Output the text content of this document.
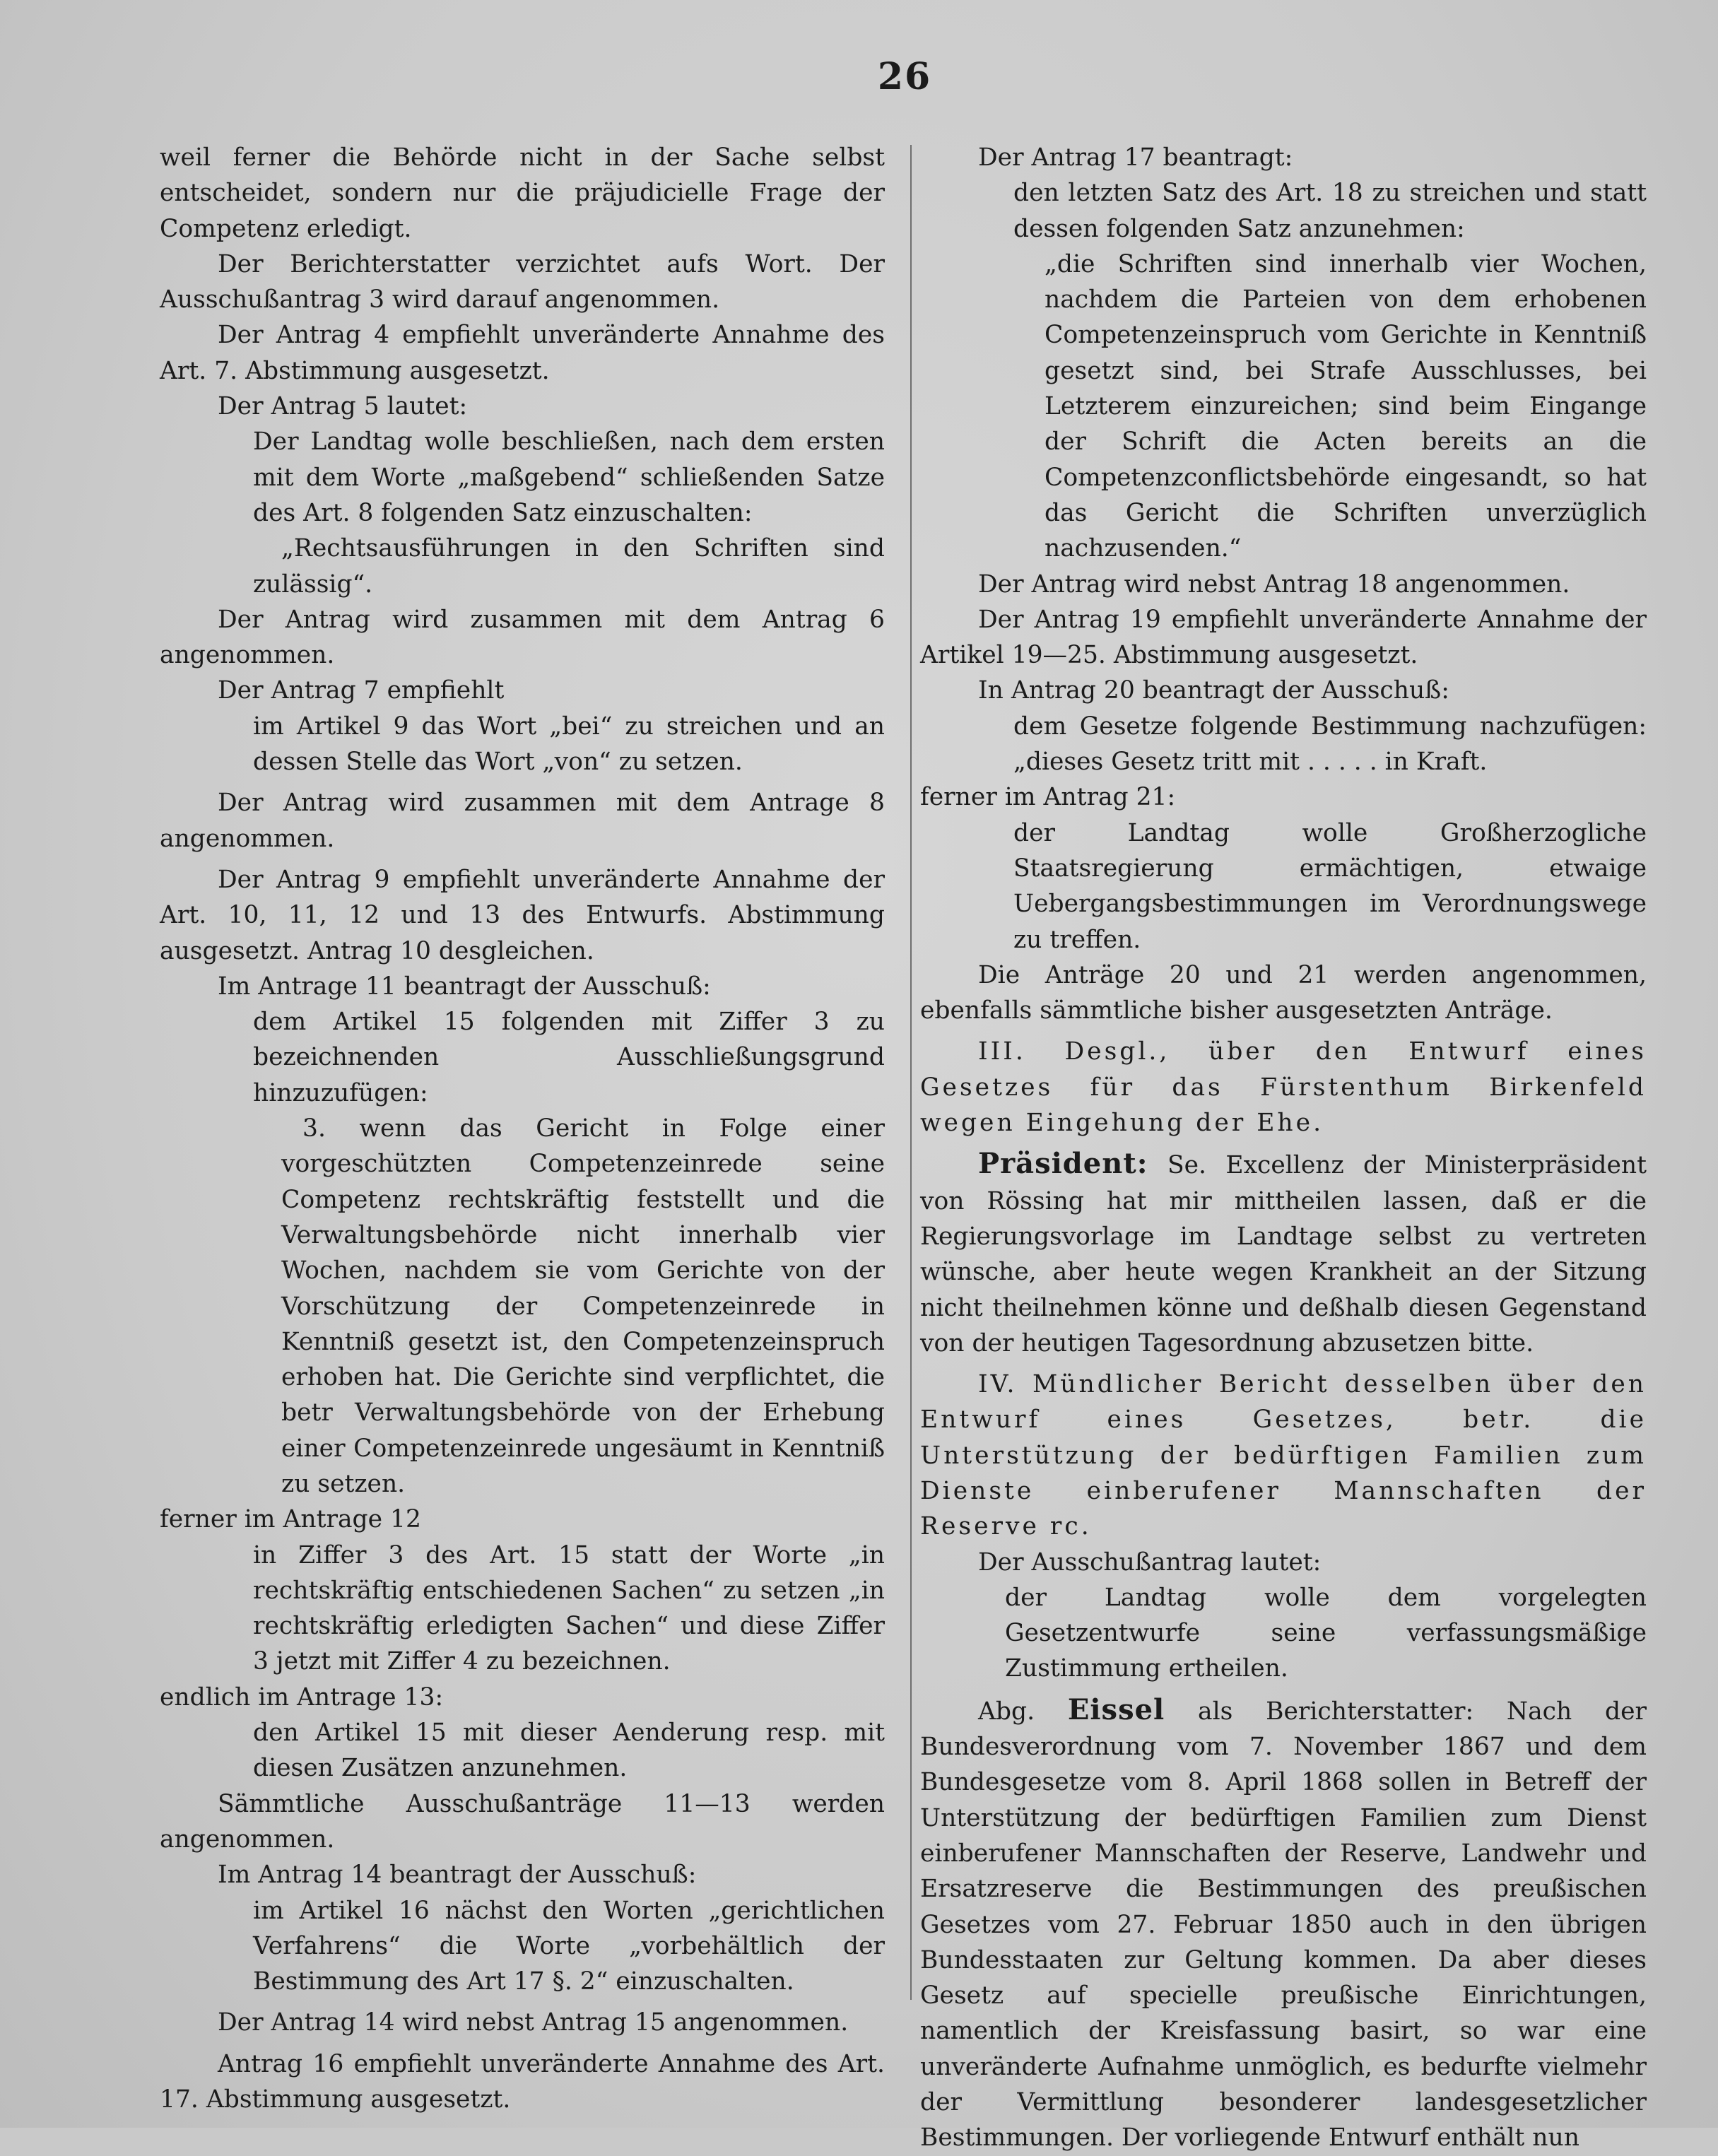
26

weil ferner die Behörde nicht in der Sache selbst entscheidet, sondern nur die präjudicielle Frage der Competenz erledigt.

Der Berichterstatter verzichtet aufs Wort. Der Ausschußantrag 3 wird darauf angenommen.

Der Antrag 4 empfiehlt unveränderte Annahme des Art. 7. Abstimmung ausgesetzt.

Der Antrag 5 lautet:

Der Landtag wolle beschließen, nach dem ersten mit dem Worte „maßgebend“ schließenden Satze des Art. 8 folgenden Satz einzuschalten:

„Rechtsausführungen in den Schriften sind zulässig“.

Der Antrag wird zusammen mit dem Antrag 6 angenommen.

Der Antrag 7 empfiehlt

im Artikel 9 das Wort „bei“ zu streichen und an dessen Stelle das Wort „von“ zu setzen.

Der Antrag wird zusammen mit dem Antrage 8 angenommen.

Der Antrag 9 empfiehlt unveränderte Annahme der Art. 10, 11, 12 und 13 des Entwurfs. Abstimmung ausgesetzt. Antrag 10 desgleichen.

Im Antrage 11 beantragt der Ausschuß:

dem Artikel 15 folgenden mit Ziffer 3 zu bezeichnenden Ausschließungsgrund hinzuzufügen:

3. wenn das Gericht in Folge einer vorgeschützten Competenzeinrede seine Competenz rechtskräftig feststellt und die Verwaltungsbehörde nicht innerhalb vier Wochen, nachdem sie vom Gerichte von der Vorschützung der Competenzeinrede in Kenntniß gesetzt ist, den Competenzeinspruch erhoben hat. Die Gerichte sind verpflichtet, die betr Verwaltungsbehörde von der Erhebung einer Competenzeinrede ungesäumt in Kenntniß zu setzen.

ferner im Antrage 12

in Ziffer 3 des Art. 15 statt der Worte „in rechtskräftig entschiedenen Sachen“ zu setzen „in rechtskräftig erledigten Sachen“ und diese Ziffer 3 jetzt mit Ziffer 4 zu bezeichnen.

endlich im Antrage 13:

den Artikel 15 mit dieser Aenderung resp. mit diesen Zusätzen anzunehmen.

Sämmtliche Ausschußanträge 11—13 werden angenommen.

Im Antrag 14 beantragt der Ausschuß:

im Artikel 16 nächst den Worten „gerichtlichen Verfahrens“ die Worte „vorbehältlich der Bestimmung des Art 17 §. 2“ einzuschalten.

Der Antrag 14 wird nebst Antrag 15 angenommen.

Antrag 16 empfiehlt unveränderte Annahme des Art. 17. Abstimmung ausgesetzt.

Der Antrag 17 beantragt:

den letzten Satz des Art. 18 zu streichen und statt dessen folgenden Satz anzunehmen:

„die Schriften sind innerhalb vier Wochen, nachdem die Parteien von dem erhobenen Competenzeinspruch vom Gerichte in Kenntniß gesetzt sind, bei Strafe Ausschlusses, bei Letzterem einzureichen; sind beim Eingange der Schrift die Acten bereits an die Competenzconflictsbehörde eingesandt, so hat das Gericht die Schriften unverzüglich nachzusenden.“

Der Antrag wird nebst Antrag 18 angenommen.

Der Antrag 19 empfiehlt unveränderte Annahme der Artikel 19—25. Abstimmung ausgesetzt.

In Antrag 20 beantragt der Ausschuß:

dem Gesetze folgende Bestimmung nachzufügen: „dieses Gesetz tritt mit . . . . . in Kraft.

ferner im Antrag 21:

der Landtag wolle Großherzogliche Staatsregierung ermächtigen, etwaige Uebergangsbestimmungen im Verordnungswege zu treffen.

Die Anträge 20 und 21 werden angenommen, ebenfalls sämmtliche bisher ausgesetzten Anträge.

III. Desgl., über den Entwurf eines Gesetzes für das Fürstenthum Birkenfeld wegen Eingehung der Ehe.

Präsident: Se. Excellenz der Ministerpräsident von Rössing hat mir mittheilen lassen, daß er die Regierungsvorlage im Landtage selbst zu vertreten wünsche, aber heute wegen Krankheit an der Sitzung nicht theilnehmen könne und deßhalb diesen Gegenstand von der heutigen Tagesordnung abzusetzen bitte.

IV. Mündlicher Bericht desselben über den Entwurf eines Gesetzes, betr. die Unterstützung der bedürftigen Familien zum Dienste einberufener Mannschaften der Reserve rc.

Der Ausschußantrag lautet:

der Landtag wolle dem vorgelegten Gesetzentwurfe seine verfassungsmäßige Zustimmung ertheilen.

Abg. Eissel als Berichterstatter: Nach der Bundesverordnung vom 7. November 1867 und dem Bundesgesetze vom 8. April 1868 sollen in Betreff der Unterstützung der bedürftigen Familien zum Dienst einberufener Mannschaften der Reserve, Landwehr und Ersatzreserve die Bestimmungen des preußischen Gesetzes vom 27. Februar 1850 auch in den übrigen Bundesstaaten zur Geltung kommen. Da aber dieses Gesetz auf specielle preußische Einrichtungen, namentlich der Kreisfassung basirt, so war eine unveränderte Aufnahme unmöglich, es bedurfte vielmehr der Vermittlung besonderer landesgesetzlicher Bestimmungen. Der vorliegende Entwurf enthält nun
